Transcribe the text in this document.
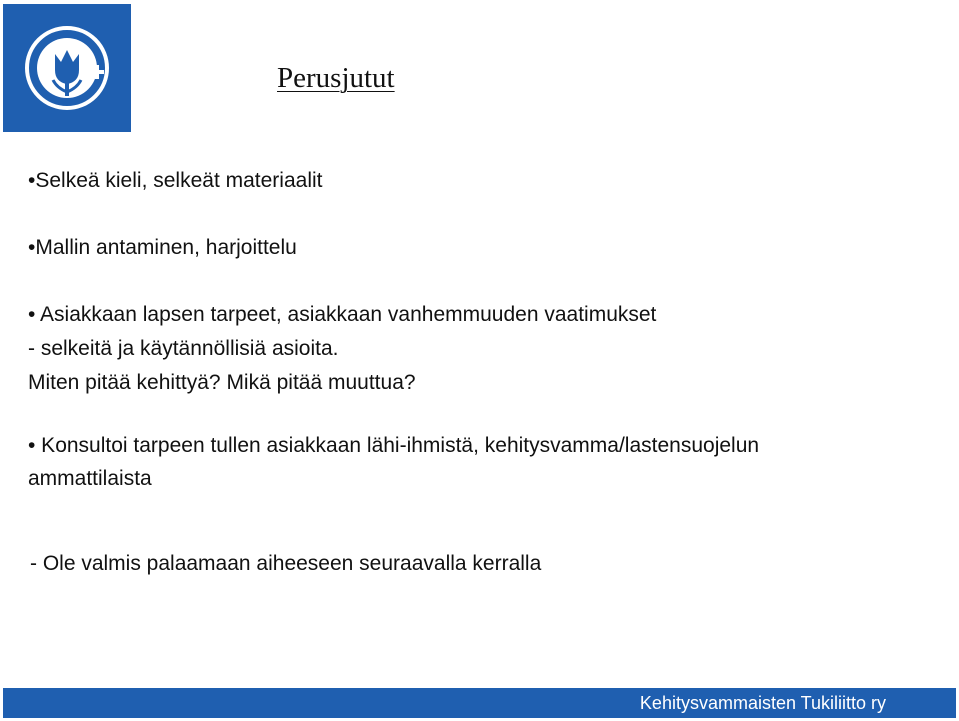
Perusjutut

•Selkeä kieli, selkeät materiaalit

•Mallin antaminen, harjoittelu

• Asiakkaan lapsen tarpeet, asiakkaan vanhemmuuden vaatimukset

- selkeitä ja käytännöllisiä asioita.

Miten pitää kehittyä? Mikä pitää muuttua?

• Konsultoi tarpeen tullen asiakkaan lähi-ihmistä, kehitysvamma/lastensuojelun

ammattilaista

- Ole valmis palaamaan aiheeseen seuraavalla kerralla

Kehitysvammaisten Tukiliitto ry
